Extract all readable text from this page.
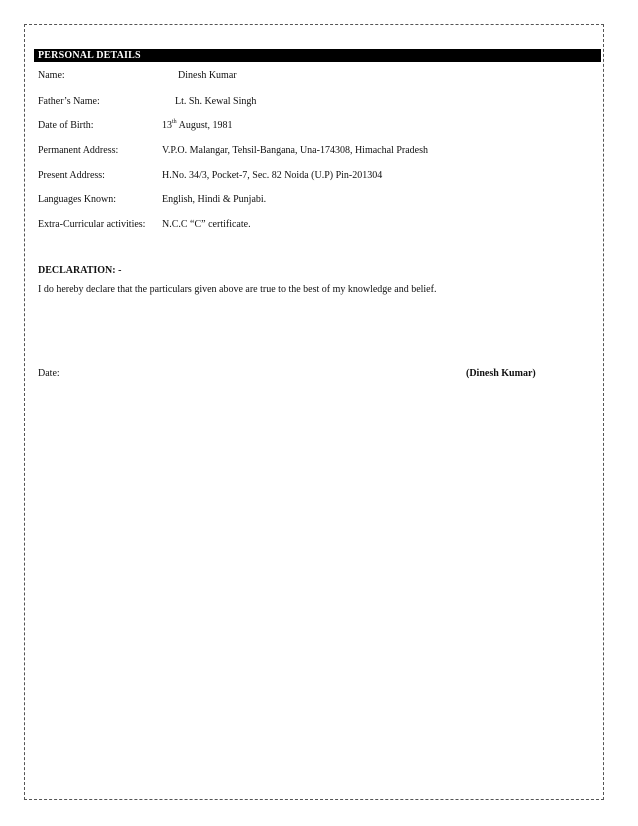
PERSONAL DETAILS
Name:	Dinesh Kumar
Father’s Name:	Lt. Sh. Kewal Singh
Date of Birth:	13th August, 1981
Permanent Address:	V.P.O. Malangar, Tehsil-Bangana, Una-174308, Himachal Pradesh
Present Address:	H.No. 34/3, Pocket-7, Sec. 82 Noida (U.P) Pin-201304
Languages Known:	English, Hindi & Punjabi.
Extra-Curricular activities: N.C.C “C” certificate.
DECLARATION: -
I do hereby declare that the particulars given above are true to the best of my knowledge and belief.
Date:	(Dinesh Kumar)
